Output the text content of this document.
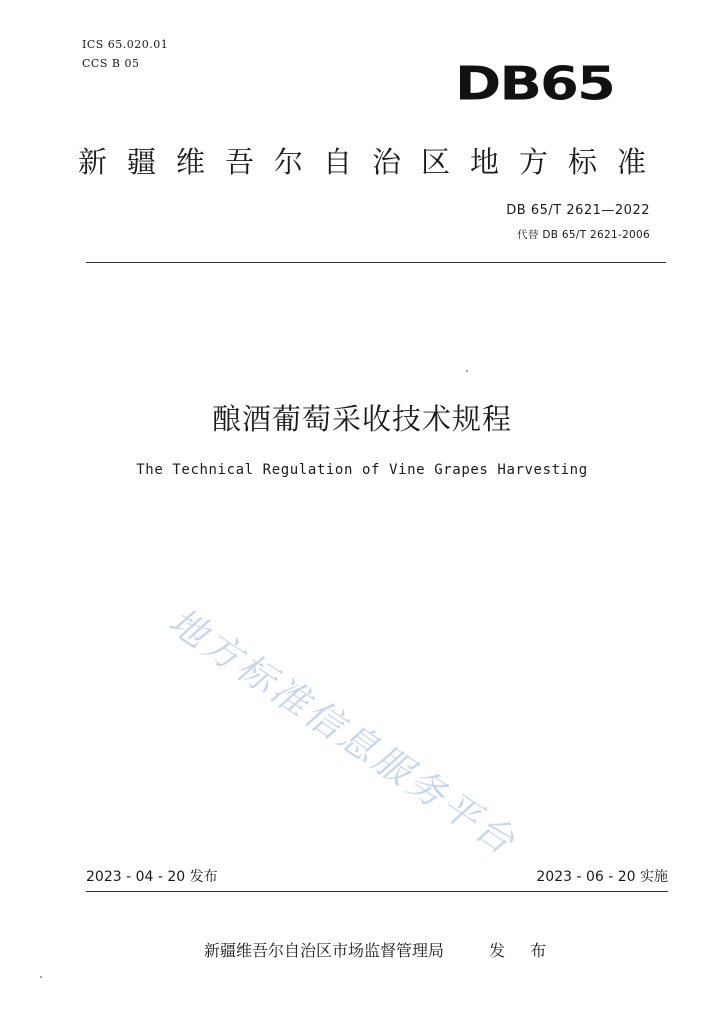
ICS 65.020.01
CCS B 05	DB65
新疆维吾尔自治区地方标准
DB 65/T 2621—2022
代替 DB 65/T 2621-2006
酿酒葡萄采收技术规程
The Technical Regulation of Vine Grapes Harvesting
地方标准信息服务平台
2023 - 04 - 20 发布	2023 - 06 - 20 实施
新疆维吾尔自治区市场监督管理局	发 布
